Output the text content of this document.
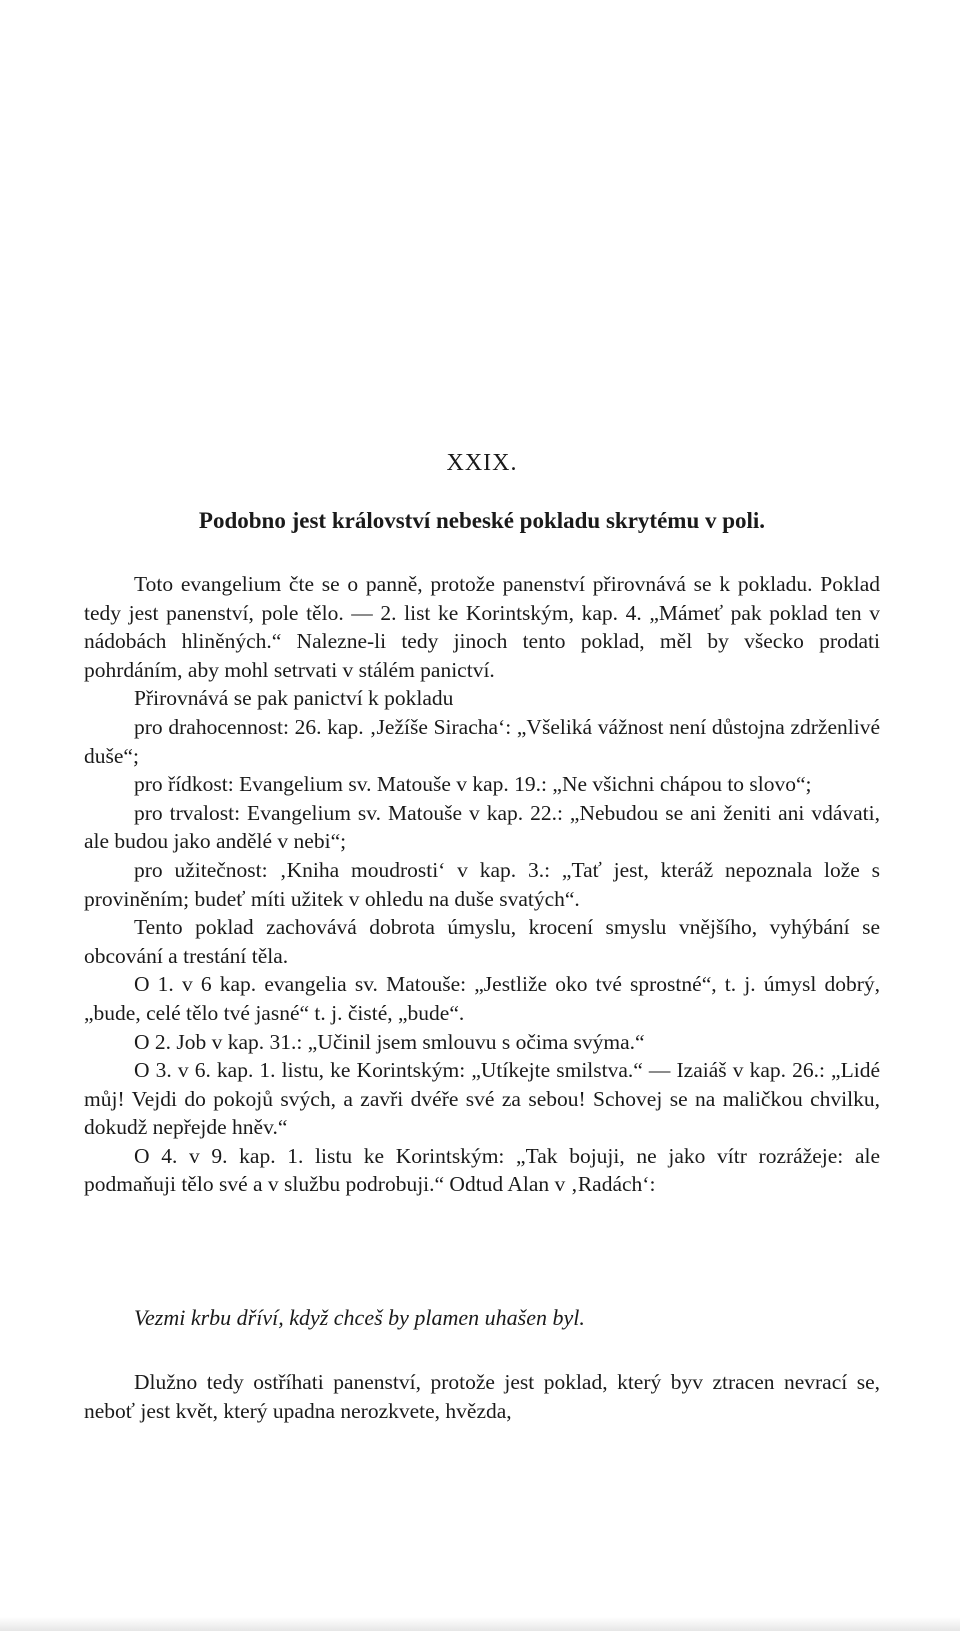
XXIX.
Podobno jest království nebeské pokladu skrytému v poli.

Toto evangelium čte se o panně, protože panenství přirovnává se k pokladu. Poklad tedy jest panenství, pole tělo. — 2. list ke Korintským, kap. 4. „Mámeť pak poklad ten v nádobách hliněných.“ Nalezne-li tedy jinoch tento poklad, měl by všecko prodati pohrdáním, aby mohl setrvati v stálém panictví.

Přirovnává se pak panictví k pokladu

pro drahocennost: 26. kap. ‚Ježíše Siracha‘: „Všeliká vážnost není důstojna zdrženlivé duše“;

pro řídkost: Evangelium sv. Matouše v kap. 19.: „Ne všichni chápou to slovo“;

pro trvalost: Evangelium sv. Matouše v kap. 22.: „Nebudou se ani ženiti ani vdávati, ale budou jako andělé v nebi“;

pro užitečnost: ‚Kniha moudrosti‘ v kap. 3.: „Tať jest, kteráž nepoznala lože s proviněním; budeť míti užitek v ohledu na duše svatých“.

Tento poklad zachovává dobrota úmyslu, krocení smyslu vnějšího, vyhýbání se obcování a trestání těla.

O 1. v 6 kap. evangelia sv. Matouše: „Jestliže oko tvé sprostné“, t. j. úmysl dobrý, „bude, celé tělo tvé jasné“ t. j. čisté, „bude“.

O 2. Job v kap. 31.: „Učinil jsem smlouvu s očima svýma.“

O 3. v 6. kap. 1. listu, ke Korintským: „Utíkejte smilstva.“ — Izaiáš v kap. 26.: „Lidé můj! Vejdi do pokojů svých, a zavři dvéře své za sebou! Schovej se na maličkou chvilku, dokudž nepřejde hněv.“

O 4. v 9. kap. 1. listu ke Korintským: „Tak bojuji, ne jako vítr rozrážeje: ale podmaňuji tělo své a v službu podrobuji.“ Odtud Alan v ‚Radách‘:

Vezmi krbu dříví, když chceš by plamen uhašen byl.

Dlužno tedy ostříhati panenství, protože jest poklad, který byv ztracen nevrací se, neboť jest květ, který upadna nerozkvete, hvězda,
